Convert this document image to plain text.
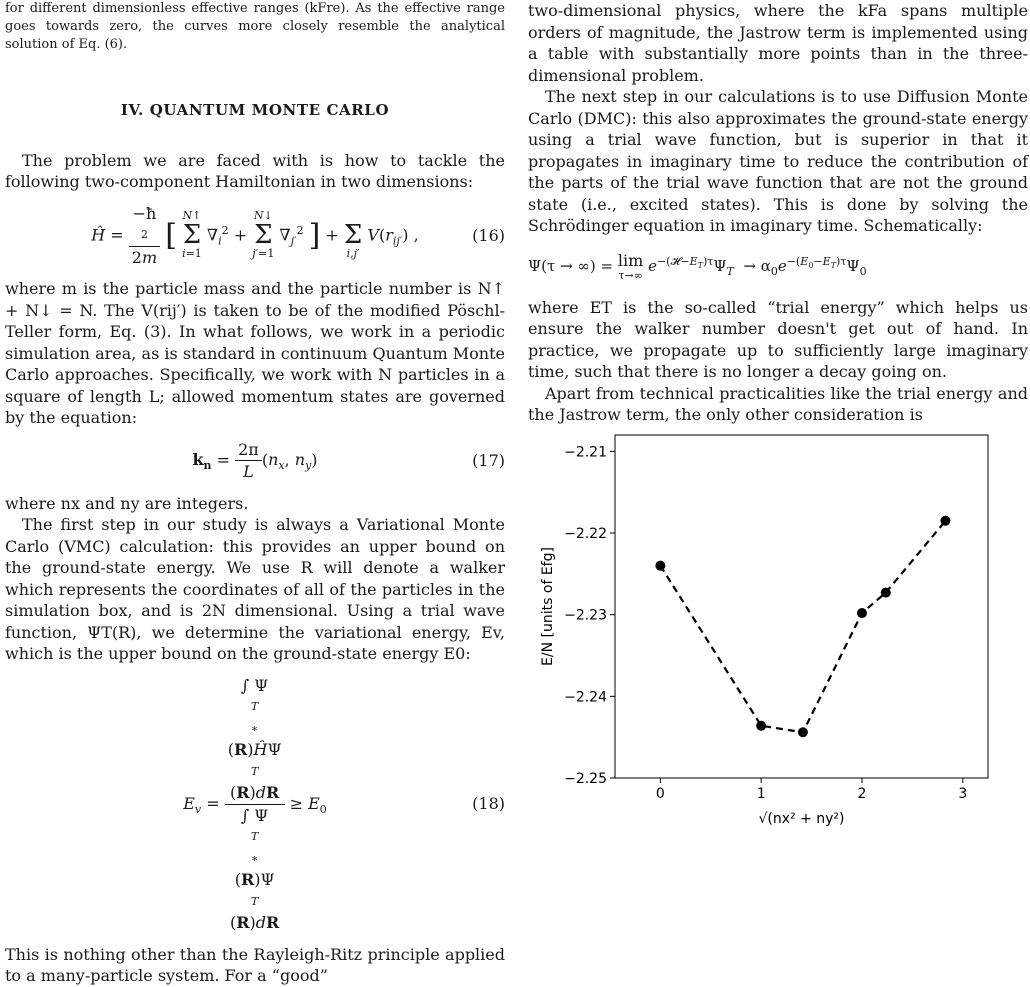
for different dimensionless effective ranges (kFre). As the effective range goes towards zero, the curves more closely resemble the analytical solution of Eq. (6).

IV. QUANTUM MONTE CARLO

The problem we are faced with is how to tackle the following two-component Hamiltonian in two dimensions:

Ĥ = −ħ
2
2m [
N↑
Σ
i=1
$\nabla_i^2$ +
N↓
Σ
j′=1
$\nabla_{j'}^2$ ] +
Σ
i,j′
$V(r_{ij'})$ ,	(16)

where m is the particle mass and the particle number is N↑ + N↓ = N. The V(rij′) is taken to be of the modified Pöschl-Teller form, Eq. (3). In what follows, we work in a periodic simulation area, as is standard in continuum Quantum Monte Carlo approaches. Specifically, we work with N particles in a square of length L; allowed momentum states are governed by the equation:

$k_n = \frac{2\pi}{L} (n_x$, $n_y$)	(17)

where nx and ny are integers.

The first step in our study is always a Variational Monte Carlo (VMC) calculation: this provides an upper bound on the ground-state energy. We use R will denote a walker which represents the coordinates of all of the particles in the simulation box, and is 2N dimensional. Using a trial wave function, ΨT(R), we determine the variational energy, Ev, which is the upper bound on the ground-state energy E0:

$E_v$ = ∫ Ψ
T
∗
(R)ĤΨ
T
(R)dR
∫ Ψ
T
∗
(R)Ψ
T
$(R)dR \ge E_0$	(18)

This is nothing other than the Rayleigh-Ritz principle applied to a many-particle system. For a “good”

two-dimensional physics, where the kFa spans multiple orders of magnitude, the Jastrow term is implemented using a table with substantially more points than in the three-dimensional problem.

The next step in our calculations is to use Diffusion Monte Carlo (DMC): this also approximates the ground-state energy using a trial wave function, but is superior in that it propagates in imaginary time to reduce the contribution of the parts of the trial wave function that are not the ground state (i.e., excited states). This is done by solving the Schrödinger equation in imaginary time. Schematically:

Ψ(τ → ∞) = lim
τ→∞
$e^{-(𝓗-E_T)\tau}\Psi_T \to \alpha_0e^{-(E_0-E_T)\tau}\Psi_0$

where ET is the so-called “trial energy” which helps us ensure the walker number doesn't get out of hand. In practice, we propagate up to sufficiently large imaginary time, such that there is no longer a decay going on.

Apart from technical practicalities like the trial energy and the Jastrow term, the only other consideration is

0	1	2	3
−2.21
−2.22
−2.23
−2.24
−2.25
√(nx² + ny²)
E/N [units of Efg]
